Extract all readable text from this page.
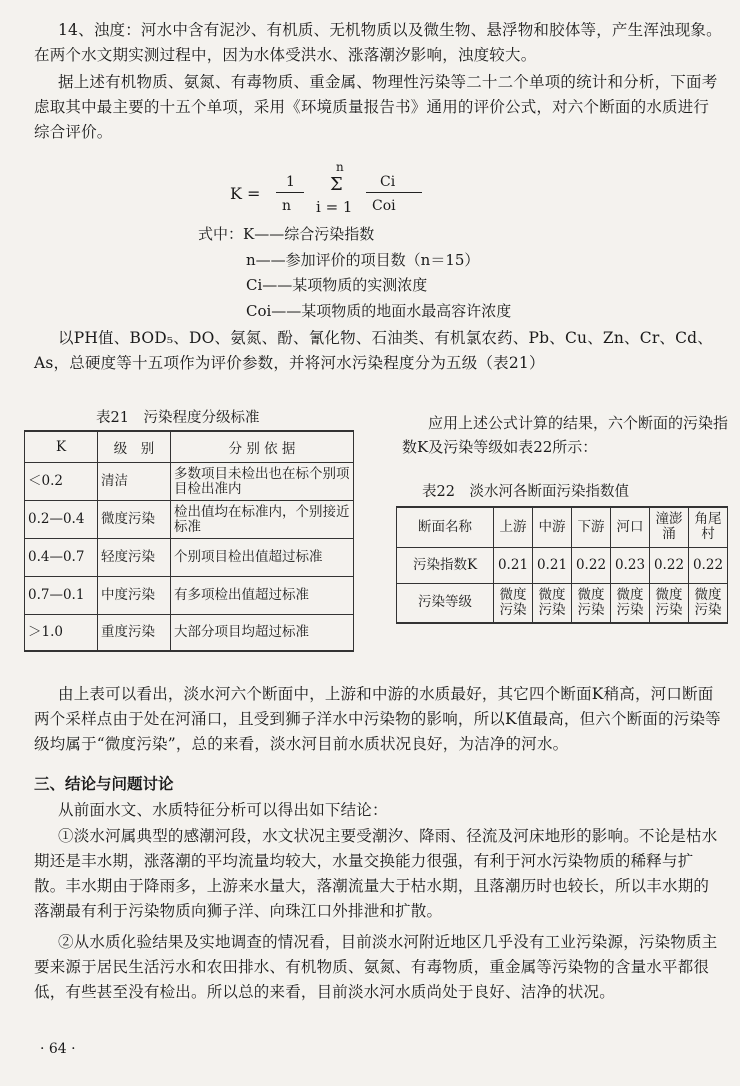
14、浊度：河水中含有泥沙、有机质、无机物质以及微生物、悬浮物和胶体等，产生浑浊现象。在两个水文期实测过程中，因为水体受洪水、涨落潮汐影响，浊度较大。

据上述有机物质、氨氮、有毒物质、重金属、物理性污染等二十二个单项的统计和分析，下面考虑取其中最主要的十五个单项，采用《环境质量报告书》通用的评价公式，对六个断面的水质进行综合评价。

K =
1
n
n
Σ
i = 1
Ci
Coi
式中：K——综合污染指数
n——参加评价的项目数（n＝15）
Ci——某项物质的实测浓度
Coi——某项物质的地面水最高容许浓度

以PH值、BOD₅、DO、氨氮、酚、氰化物、石油类、有机氯农药、Pb、Cu、Zn、Cr、Cd、As，总硬度等十五项作为评价参数，并将河水污染程度分为五级（表21）

表21　污染程度分级标准
K	级　别	分 别 依 据
＜0.2	清洁	多数项目未检出也在标个别项目检出准内
0.2—0.4	微度污染	检出值均在标准内，个别接近标准
0.4—0.7	轻度污染	个别项目检出值超过标准
0.7—0.1	中度污染	有多项检出值超过标准
＞1.0	重度污染	大部分项目均超过标准

应用上述公式计算的结果，六个断面的污染指数K及污染等级如表22所示：

表22　淡水河各断面污染指数值
断面名称	上游	中游	下游	河口	潼澎涌	角尾村
污染指数K	0.21	0.21	0.22	0.23	0.22	0.22
污染等级	微度污染	微度污染	微度污染	微度污染	微度污染	微度污染

由上表可以看出，淡水河六个断面中，上游和中游的水质最好，其它四个断面K稍高，河口断面两个采样点由于处在河涌口，且受到狮子洋水中污染物的影响，所以K值最高，但六个断面的污染等级均属于“微度污染”，总的来看，淡水河目前水质状况良好，为洁净的河水。

三、结论与问题讨论

从前面水文、水质特征分析可以得出如下结论：

①淡水河属典型的感潮河段，水文状况主要受潮汐、降雨、径流及河床地形的影响。不论是枯水期还是丰水期，涨落潮的平均流量均较大，水量交换能力很强，有利于河水污染物质的稀释与扩散。丰水期由于降雨多，上游来水量大，落潮流量大于枯水期，且落潮历时也较长，所以丰水期的落潮最有利于污染物质向狮子洋、向珠江口外排泄和扩散。

②从水质化验结果及实地调查的情况看，目前淡水河附近地区几乎没有工业污染源，污染物质主要来源于居民生活污水和农田排水、有机物质、氨氮、有毒物质，重金属等污染物的含量水平都很低，有些甚至没有检出。所以总的来看，目前淡水河水质尚处于良好、洁净的状况。

· 64 ·
